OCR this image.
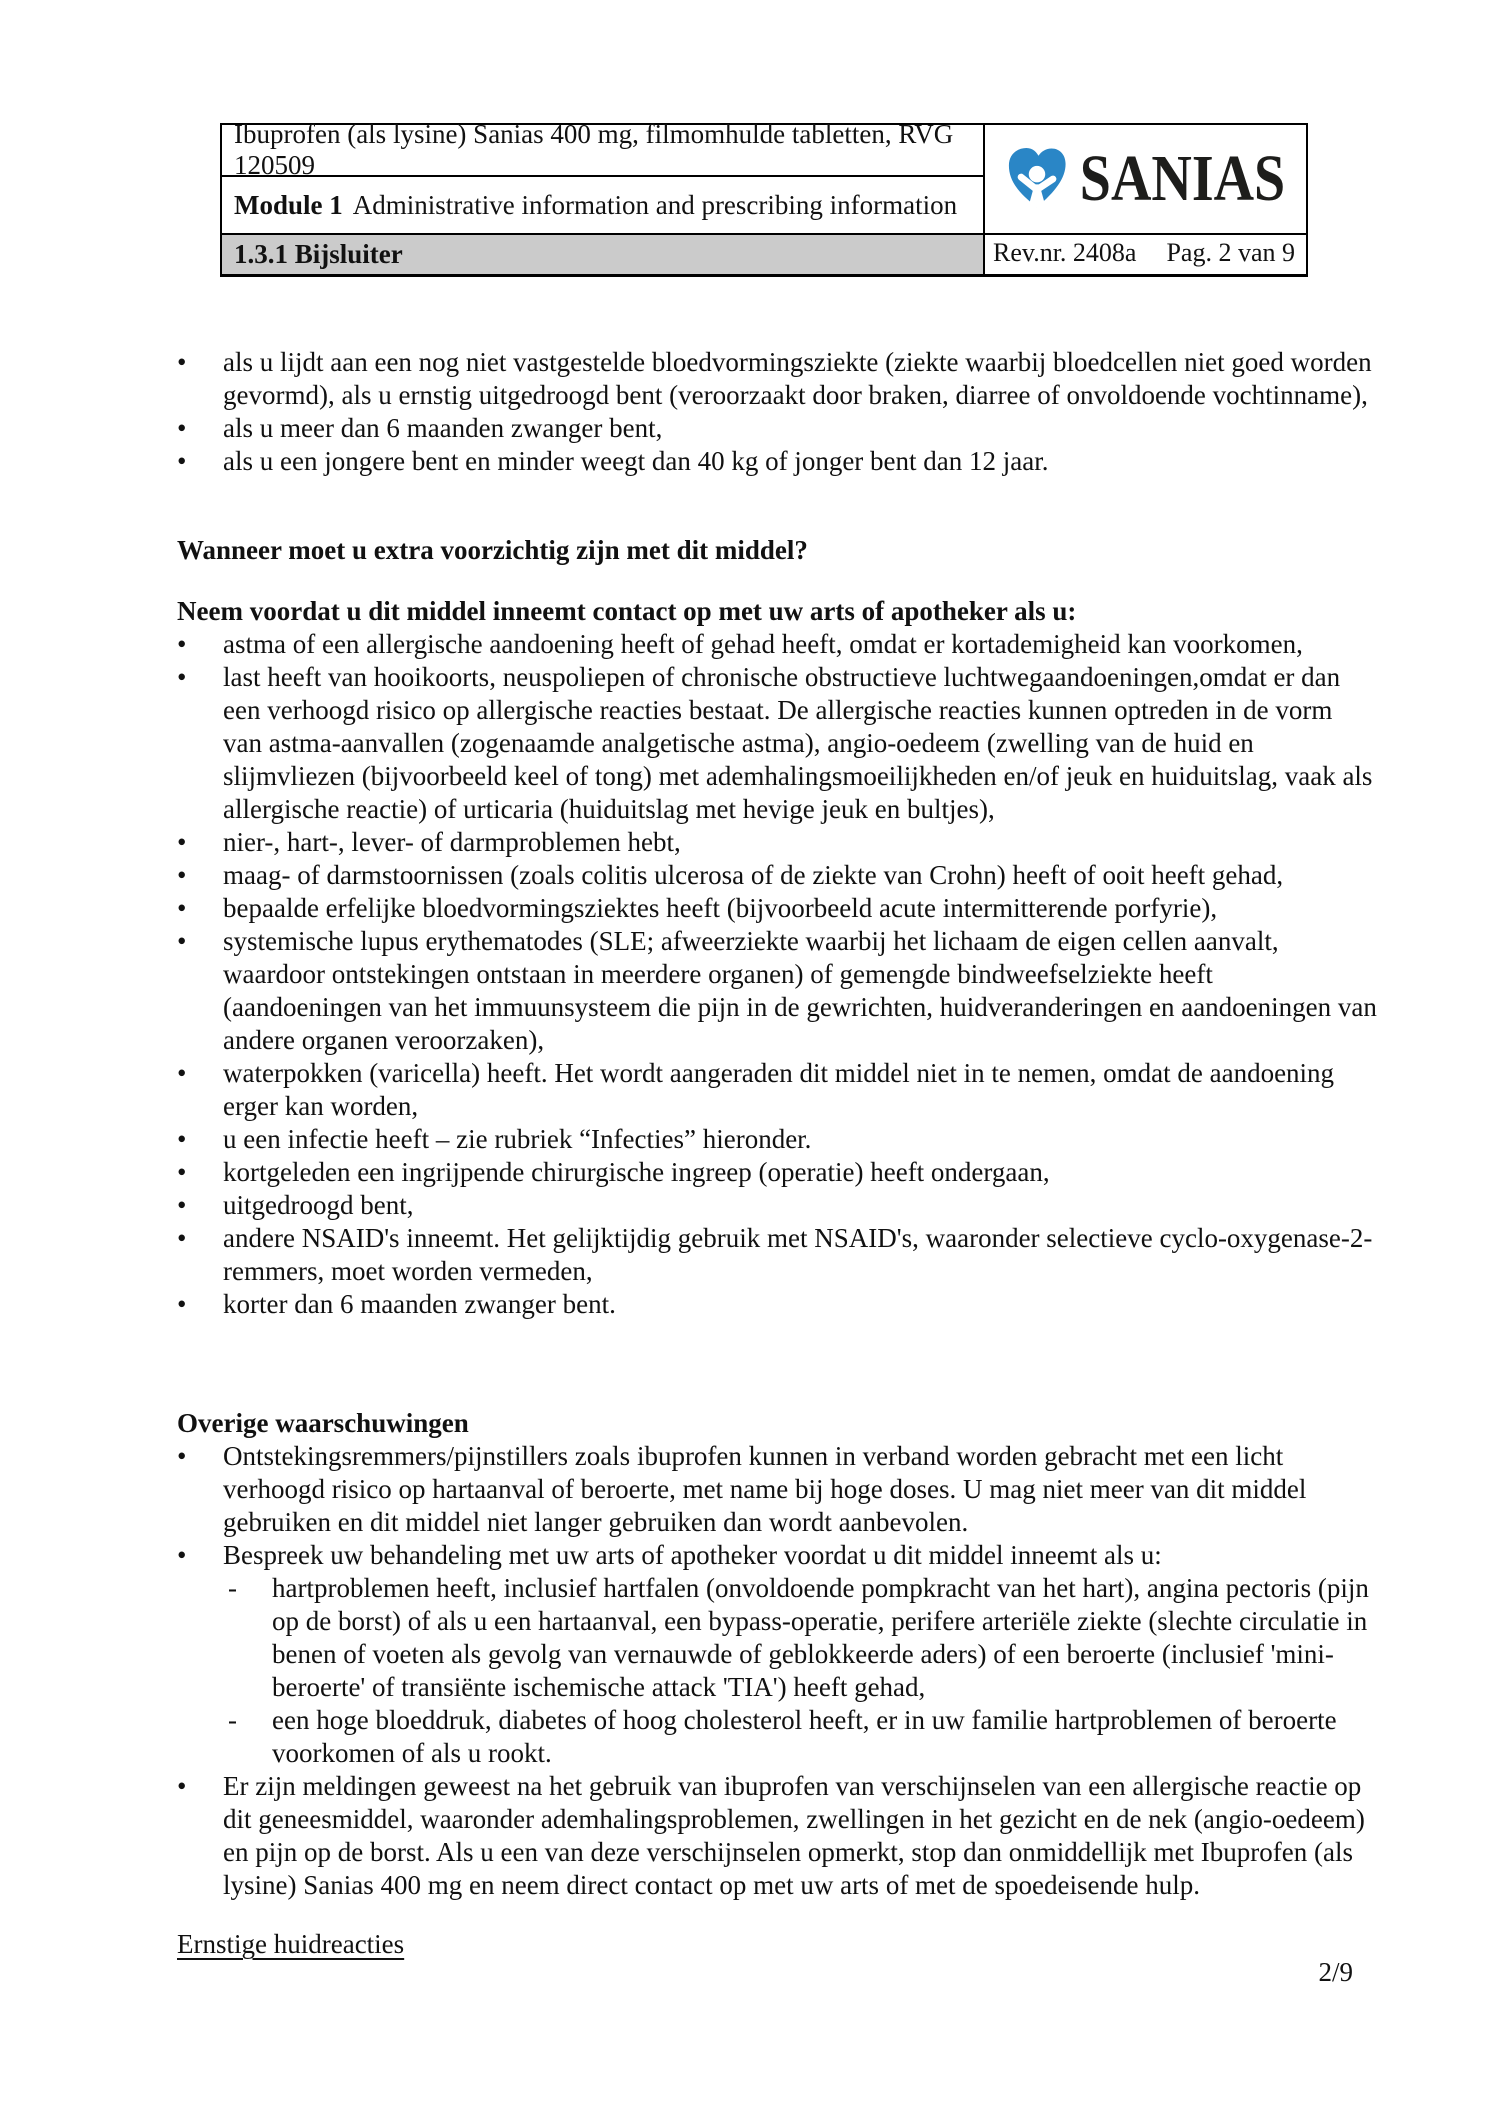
Ibuprofen (als lysine) Sanias 400 mg, filmomhulde tabletten, RVG 120509
Module 1 Administrative information and prescribing information
1.3.1 Bijsluiter
SANIAS
Rev.nr. 2408a Pag. 2 van 9
•	als u lijdt aan een nog niet vastgestelde bloedvormingsziekte (ziekte waarbij bloedcellen niet goed worden gevormd), als u ernstig uitgedroogd bent (veroorzaakt door braken, diarree of onvoldoende vochtinname),
•	als u meer dan 6 maanden zwanger bent,
•	als u een jongere bent en minder weegt dan 40 kg of jonger bent dan 12 jaar.
Wanneer moet u extra voorzichtig zijn met dit middel?
Neem voordat u dit middel inneemt contact op met uw arts of apotheker als u:
•	astma of een allergische aandoening heeft of gehad heeft, omdat er kortademigheid kan voorkomen,
•	last heeft van hooikoorts, neuspoliepen of chronische obstructieve luchtwegaandoeningen,omdat er dan een verhoogd risico op allergische reacties bestaat. De allergische reacties kunnen optreden in de vorm van astma-aanvallen (zogenaamde analgetische astma), angio-oedeem (zwelling van de huid en slijmvliezen (bijvoorbeeld keel of tong) met ademhalingsmoeilijkheden en/of jeuk en huiduitslag, vaak als allergische reactie) of urticaria (huiduitslag met hevige jeuk en bultjes),
•	nier-, hart-, lever- of darmproblemen hebt,
•	maag- of darmstoornissen (zoals colitis ulcerosa of de ziekte van Crohn) heeft of ooit heeft gehad,
•	bepaalde erfelijke bloedvormingsziektes heeft (bijvoorbeeld acute intermitterende porfyrie),
•	systemische lupus erythematodes (SLE; afweerziekte waarbij het lichaam de eigen cellen aanvalt, waardoor ontstekingen ontstaan in meerdere organen) of gemengde bindweefselziekte heeft (aandoeningen van het immuunsysteem die pijn in de gewrichten, huidveranderingen en aandoeningen van andere organen veroorzaken),
•	waterpokken (varicella) heeft. Het wordt aangeraden dit middel niet in te nemen, omdat de aandoening erger kan worden,
•	u een infectie heeft – zie rubriek “Infecties” hieronder.
•	kortgeleden een ingrijpende chirurgische ingreep (operatie) heeft ondergaan,
•	uitgedroogd bent,
•	andere NSAID's inneemt. Het gelijktijdig gebruik met NSAID's, waaronder selectieve cyclo-oxygenase-2-remmers, moet worden vermeden,
•	korter dan 6 maanden zwanger bent.
Overige waarschuwingen
•	Ontstekingsremmers/pijnstillers zoals ibuprofen kunnen in verband worden gebracht met een licht verhoogd risico op hartaanval of beroerte, met name bij hoge doses. U mag niet meer van dit middel gebruiken en dit middel niet langer gebruiken dan wordt aanbevolen.
•	Bespreek uw behandeling met uw arts of apotheker voordat u dit middel inneemt als u:
-	hartproblemen heeft, inclusief hartfalen (onvoldoende pompkracht van het hart), angina pectoris (pijn op de borst) of als u een hartaanval, een bypass-operatie, perifere arteriële ziekte (slechte circulatie in benen of voeten als gevolg van vernauwde of geblokkeerde aders) of een beroerte (inclusief 'mini-beroerte' of transiënte ischemische attack 'TIA') heeft gehad,
-	een hoge bloeddruk, diabetes of hoog cholesterol heeft, er in uw familie hartproblemen of beroerte voorkomen of als u rookt.
•	Er zijn meldingen geweest na het gebruik van ibuprofen van verschijnselen van een allergische reactie op dit geneesmiddel, waaronder ademhalingsproblemen, zwellingen in het gezicht en de nek (angio-oedeem) en pijn op de borst. Als u een van deze verschijnselen opmerkt, stop dan onmiddellijk met Ibuprofen (als lysine) Sanias 400 mg en neem direct contact op met uw arts of met de spoedeisende hulp.
Ernstige huidreacties
2/9
